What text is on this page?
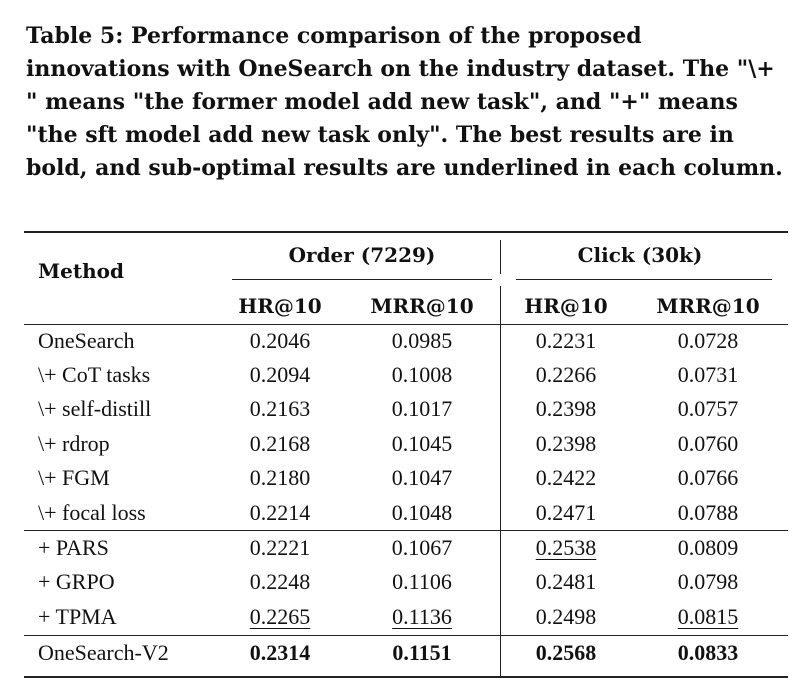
Table 5: Performance comparison of the proposed innovations with OneSearch on the industry dataset. The "\+ " means "the former model add new task", and "+" means "the sft model add new task only". The best results are in bold, and sub-optimal results are underlined in each column.
Method
Order (7229)	Click (30k)
HR@10	MRR@10	HR@10	MRR@10
OneSearch	0.2046	0.0985	0.2231	0.0728
\+ CoT tasks	0.2094	0.1008	0.2266	0.0731
\+ self-distill	0.2163	0.1017	0.2398	0.0757
\+ rdrop	0.2168	0.1045	0.2398	0.0760
\+ FGM	0.2180	0.1047	0.2422	0.0766
\+ focal loss	0.2214	0.1048	0.2471	0.0788
+ PARS	0.2221	0.1067	0.2538	0.0809
+ GRPO	0.2248	0.1106	0.2481	0.0798
+ TPMA	0.2265	0.1136	0.2498	0.0815
OneSearch-V2	0.2314	0.1151	0.2568	0.0833
